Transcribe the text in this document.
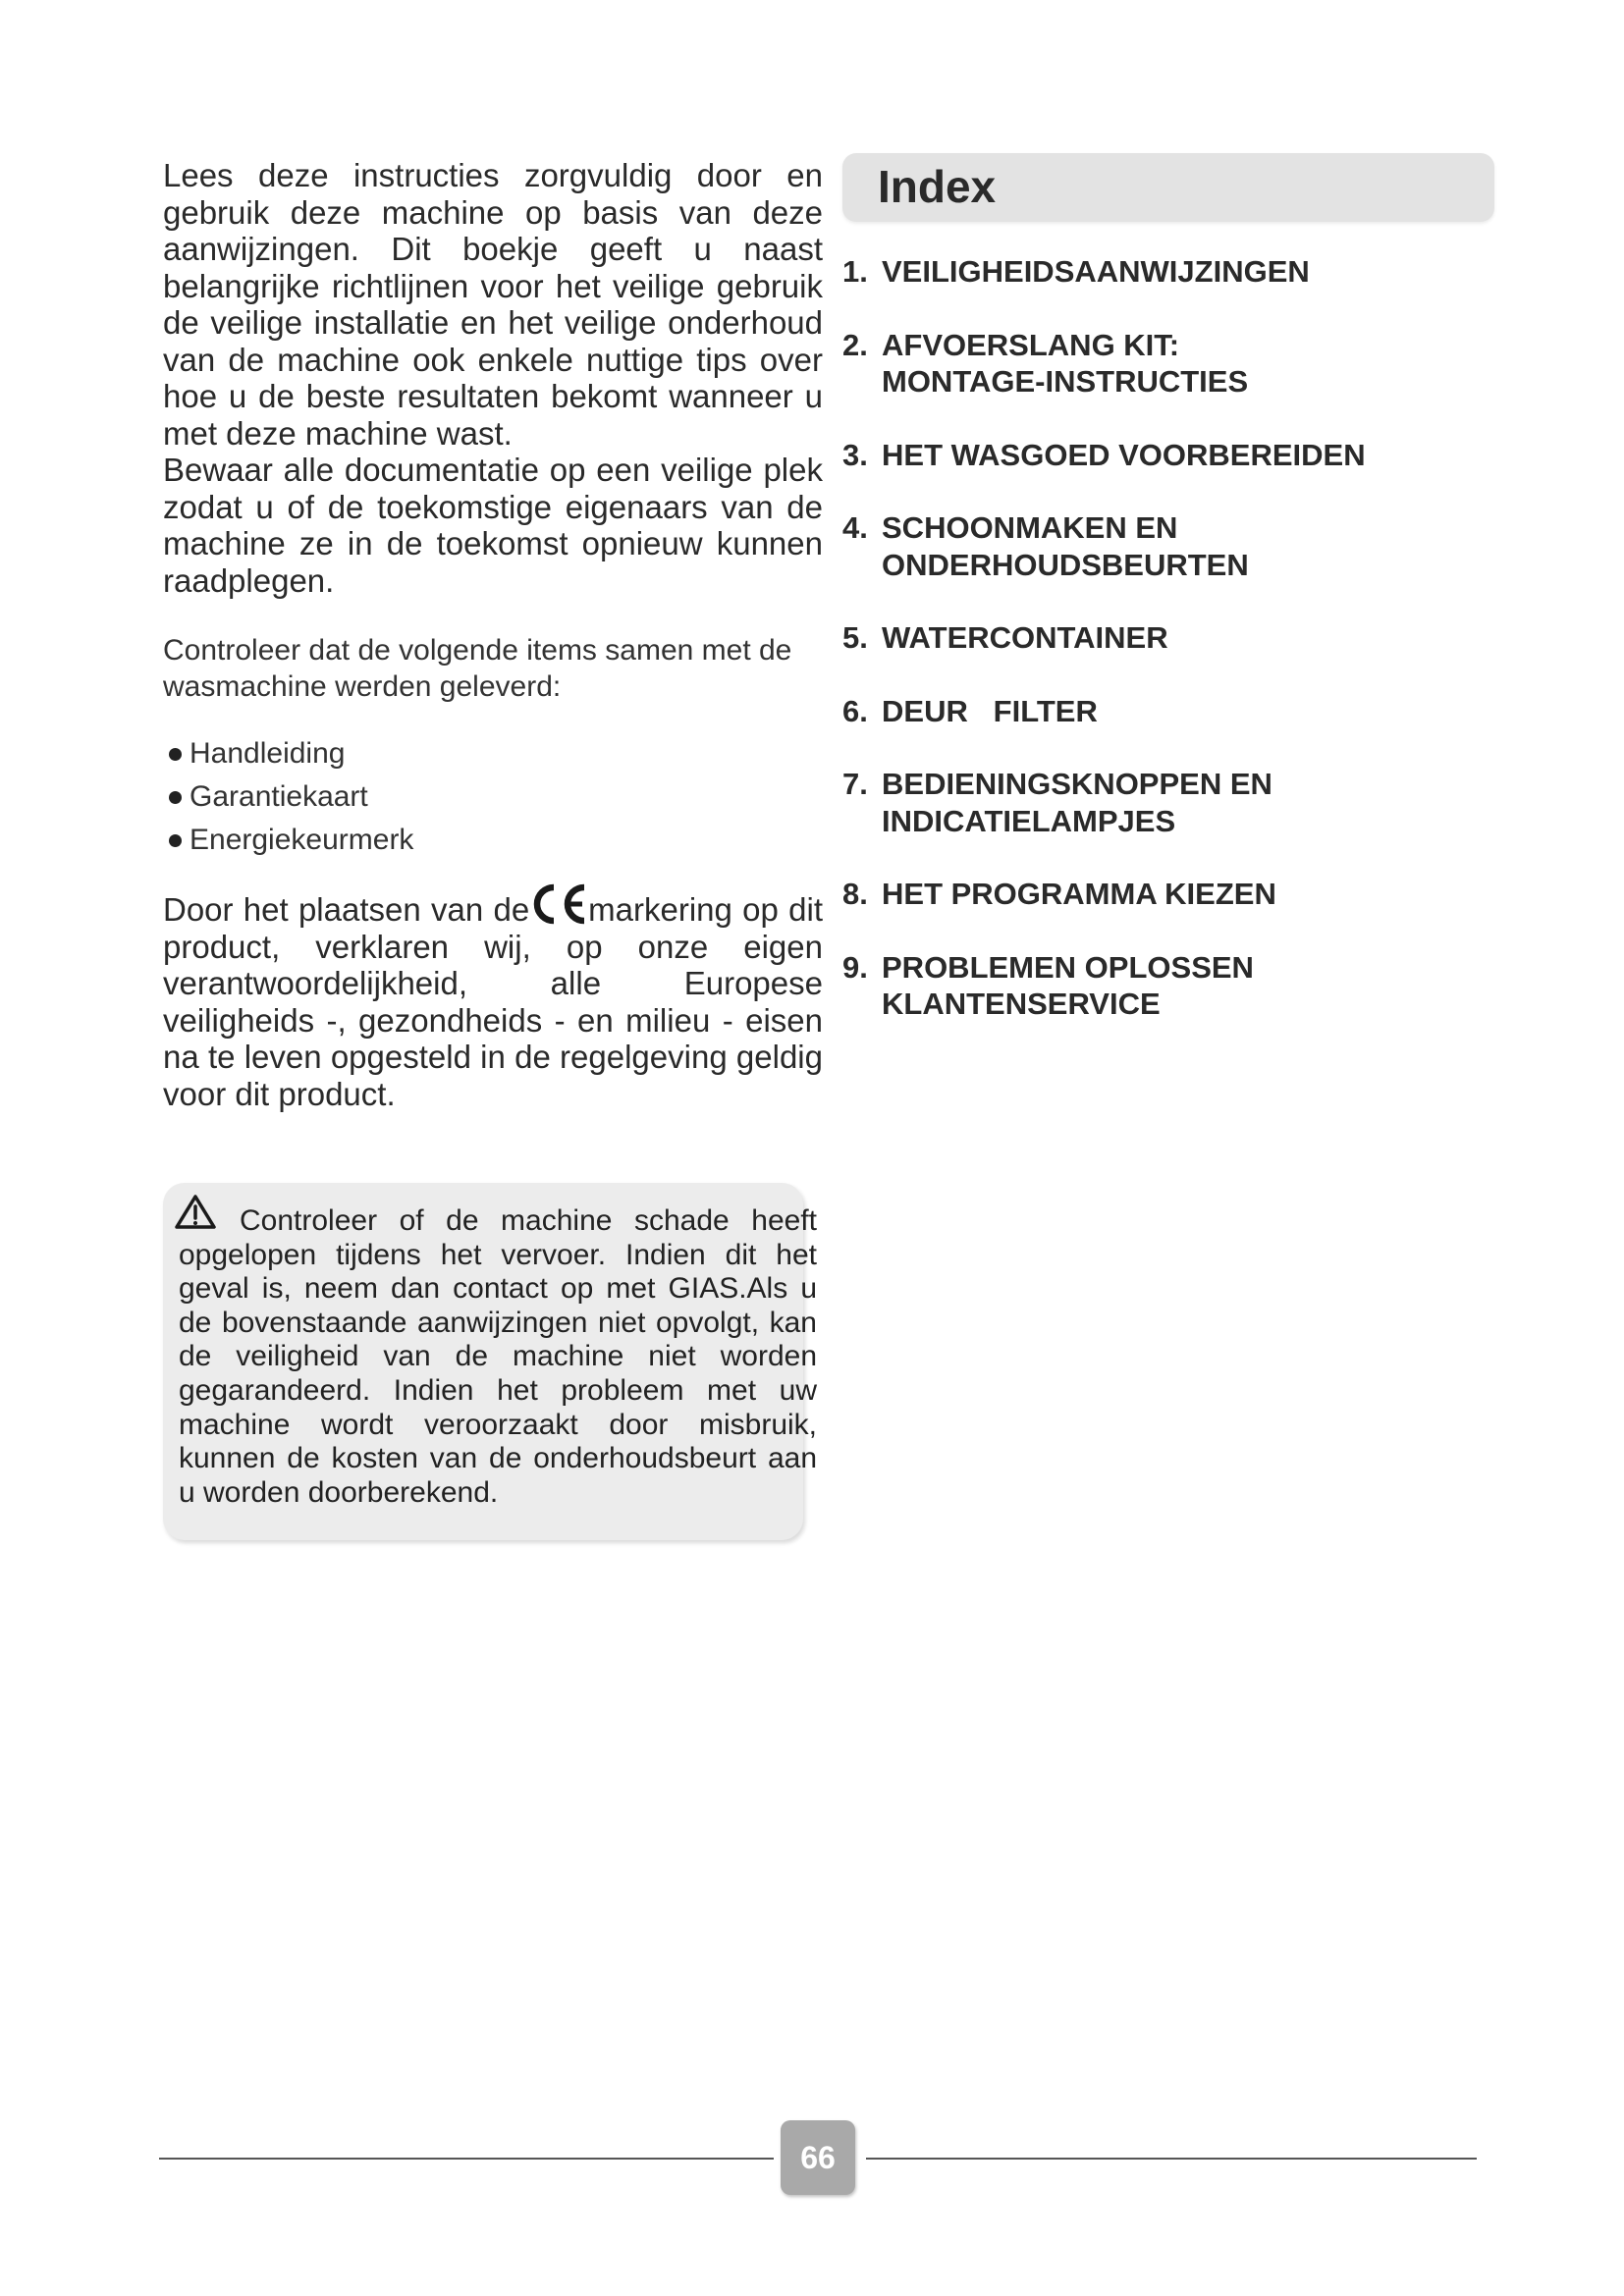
Lees deze instructies zorgvuldig door en gebruik deze machine op basis van deze aanwijzingen. Dit boekje geeft u naast belangrijke richtlijnen voor het veilige gebruik de veilige installatie en het veilige onderhoud van de machine ook enkele nuttige tips over hoe u de beste resultaten bekomt wanneer u met deze machine wast.

Bewaar alle documentatie op een veilige plek zodat u of de toekomstige eigenaars van de machine ze in de toekomst opnieuw kunnen raadplegen.

Controleer dat de volgende items samen met de wasmachine werden geleverd:

Handleiding
Garantiekaart
Energiekeurmerk

Door het plaatsen van de markering op dit product, verklaren wij, op onze eigen verantwoordelijkheid, alle Europese veiligheids -, gezondheids - en milieu - eisen na te leven opgesteld in de regelgeving geldig voor dit product.

Controleer of de machine schade heeft opgelopen tijdens het vervoer. Indien dit het geval is, neem dan contact op met GIAS.Als u de bovenstaande aanwijzingen niet opvolgt, kan de veiligheid van de machine niet worden gegarandeerd. Indien het probleem met uw machine wordt veroorzaakt door misbruik, kunnen de kosten van de onderhoudsbeurt aan u worden doorberekend.

Index
1. VEILIGHEIDSAANWIJZINGEN
2. AFVOERSLANG KIT: MONTAGE-INSTRUCTIES
3. HET WASGOED VOORBEREIDEN
4. SCHOONMAKEN EN ONDERHOUDSBEURTEN
5. WATERCONTAINER
6. DEUR   FILTER
7. BEDIENINGSKNOPPEN EN INDICATIELAMPJES
8. HET PROGRAMMA KIEZEN
9. PROBLEMEN OPLOSSEN KLANTENSERVICE
66
